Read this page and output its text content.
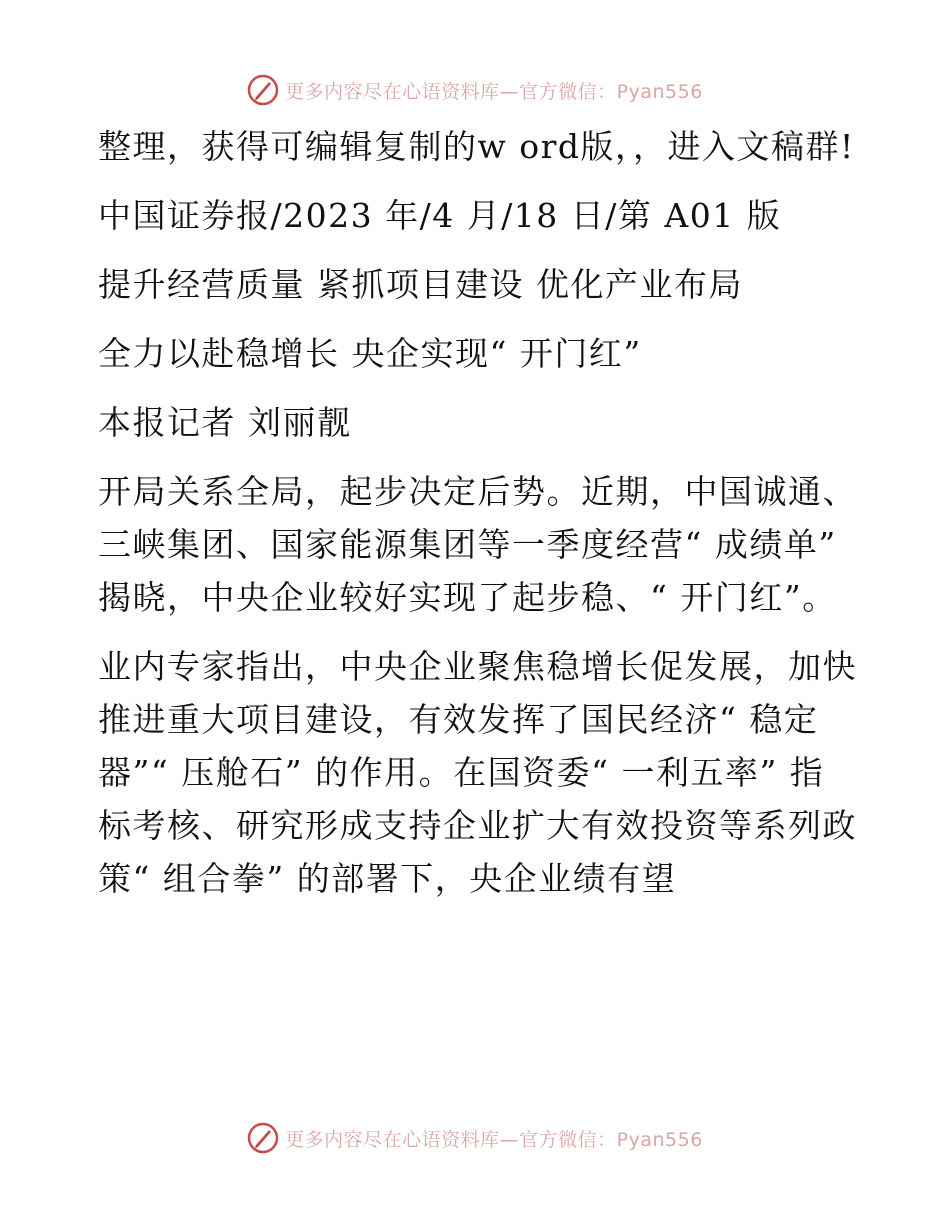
更多内容尽在心语资料库—官方微信：Pyan556

整理，获得可编辑复制的w ord版，，进入文稿群!

中国证券报/2023 年/4 月/18 日/第 A01 版

提升经营质量 紧抓项目建设 优化产业布局

全力以赴稳增长 央企实现“ 开门红”

本报记者 刘丽靓

开局关系全局，起步决定后势。近期，中国诚通、三峡集团、国家能源集团等一季度经营“ 成绩单” 揭晓，中央企业较好实现了起步稳、“ 开门红”。

业内专家指出，中央企业聚焦稳增长促发展，加快推进重大项目建设，有效发挥了国民经济“ 稳定器”“ 压舱石” 的作用。在国资委“ 一利五率” 指标考核、研究形成支持企业扩大有效投资等系列政策“ 组合拳” 的部署下，央企业绩有望

更多内容尽在心语资料库—官方微信：Pyan556
